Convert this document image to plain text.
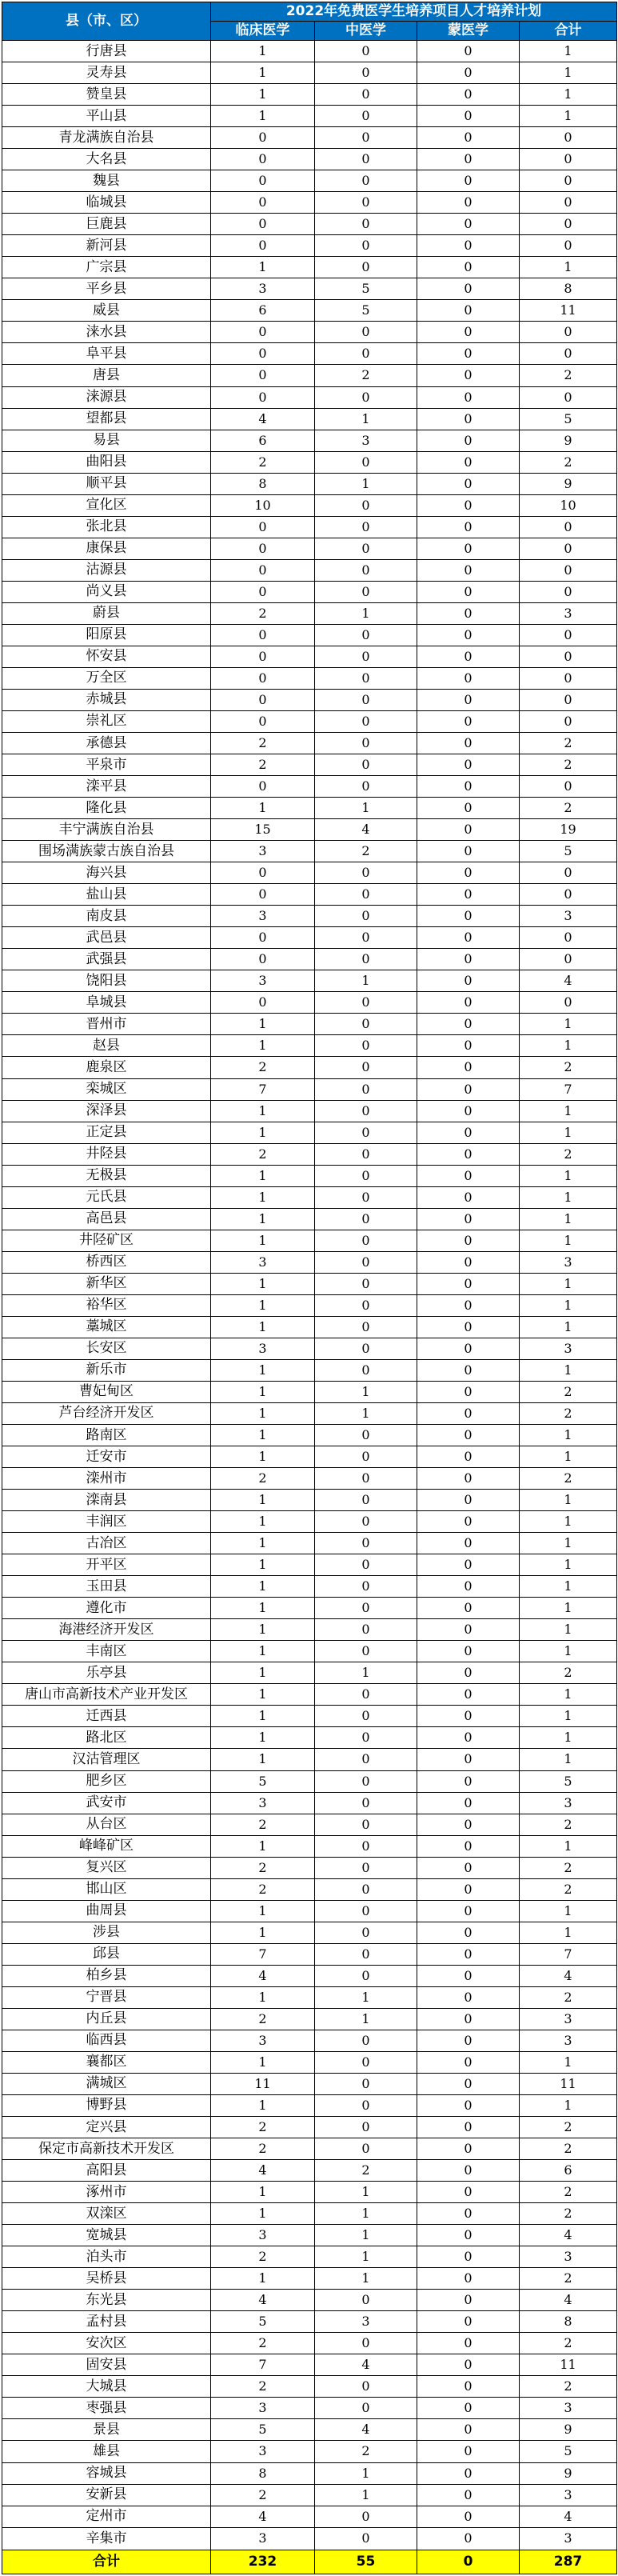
县（市、区）	2022年免费医学生培养项目人才培养计划			
	临床医学	中医学	蒙医学	合计
行唐县	1	0	0	1
灵寿县	1	0	0	1
赞皇县	1	0	0	1
平山县	1	0	0	1
青龙满族自治县	0	0	0	0
大名县	0	0	0	0
魏县	0	0	0	0
临城县	0	0	0	0
巨鹿县	0	0	0	0
新河县	0	0	0	0
广宗县	1	0	0	1
平乡县	3	5	0	8
威县	6	5	0	11
涞水县	0	0	0	0
阜平县	0	0	0	0
唐县	0	2	0	2
涞源县	0	0	0	0
望都县	4	1	0	5
易县	6	3	0	9
曲阳县	2	0	0	2
顺平县	8	1	0	9
宣化区	10	0	0	10
张北县	0	0	0	0
康保县	0	0	0	0
沽源县	0	0	0	0
尚义县	0	0	0	0
蔚县	2	1	0	3
阳原县	0	0	0	0
怀安县	0	0	0	0
万全区	0	0	0	0
赤城县	0	0	0	0
崇礼区	0	0	0	0
承德县	2	0	0	2
平泉市	2	0	0	2
滦平县	0	0	0	0
隆化县	1	1	0	2
丰宁满族自治县	15	4	0	19
围场满族蒙古族自治县	3	2	0	5
海兴县	0	0	0	0
盐山县	0	0	0	0
南皮县	3	0	0	3
武邑县	0	0	0	0
武强县	0	0	0	0
饶阳县	3	1	0	4
阜城县	0	0	0	0
晋州市	1	0	0	1
赵县	1	0	0	1
鹿泉区	2	0	0	2
栾城区	7	0	0	7
深泽县	1	0	0	1
正定县	1	0	0	1
井陉县	2	0	0	2
无极县	1	0	0	1
元氏县	1	0	0	1
高邑县	1	0	0	1
井陉矿区	1	0	0	1
桥西区	3	0	0	3
新华区	1	0	0	1
裕华区	1	0	0	1
藁城区	1	0	0	1
长安区	3	0	0	3
新乐市	1	0	0	1
曹妃甸区	1	1	0	2
芦台经济开发区	1	1	0	2
路南区	1	0	0	1
迁安市	1	0	0	1
滦州市	2	0	0	2
滦南县	1	0	0	1
丰润区	1	0	0	1
古冶区	1	0	0	1
开平区	1	0	0	1
玉田县	1	0	0	1
遵化市	1	0	0	1
海港经济开发区	1	0	0	1
丰南区	1	0	0	1
乐亭县	1	1	0	2
唐山市高新技术产业开发区	1	0	0	1
迁西县	1	0	0	1
路北区	1	0	0	1
汉沽管理区	1	0	0	1
肥乡区	5	0	0	5
武安市	3	0	0	3
从台区	2	0	0	2
峰峰矿区	1	0	0	1
复兴区	2	0	0	2
邯山区	2	0	0	2
曲周县	1	0	0	1
涉县	1	0	0	1
邱县	7	0	0	7
柏乡县	4	0	0	4
宁晋县	1	1	0	2
内丘县	2	1	0	3
临西县	3	0	0	3
襄都区	1	0	0	1
满城区	11	0	0	11
博野县	1	0	0	1
定兴县	2	0	0	2
保定市高新技术开发区	2	0	0	2
高阳县	4	2	0	6
涿州市	1	1	0	2
双滦区	1	1	0	2
宽城县	3	1	0	4
泊头市	2	1	0	3
吴桥县	1	1	0	2
东光县	4	0	0	4
孟村县	5	3	0	8
安次区	2	0	0	2
固安县	7	4	0	11
大城县	2	0	0	2
枣强县	3	0	0	3
景县	5	4	0	9
雄县	3	2	0	5
容城县	8	1	0	9
安新县	2	1	0	3
定州市	4	0	0	4
辛集市	3	0	0	3
合计	232	55	0	287
